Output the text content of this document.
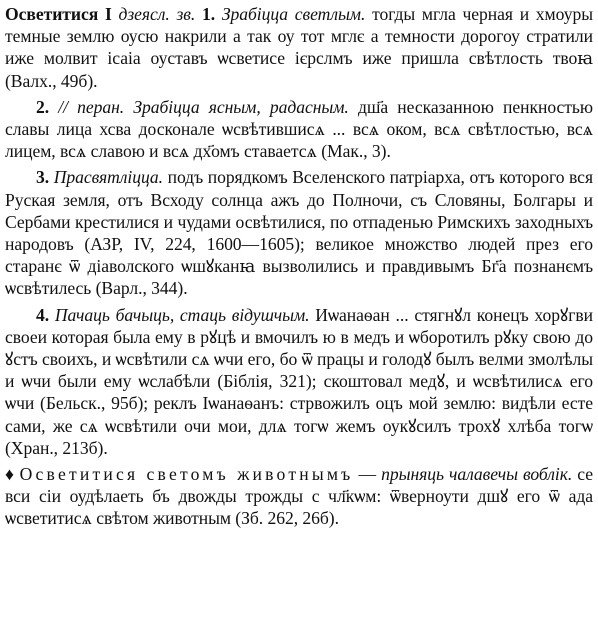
Осветитися I дзеясл. зв. 1. Зрабіцца светлым. тогды мгла черная и хмоуры темные землю оусю накрили а так оу тот мглє а темности дорогоу стратили иже молвит ісаіа оуставъ ѡсветисе ієрслмъ иже пришла свѣтлость твоꙗ (Валх., 49б).

2. // перан. Зрабіцца ясным, радасным. дш҃а несказанною пенкностью славы лица хсва досконале ѡсвѣтившисѧ ... всѧ оком, всѧ свѣтлостью, всѧ лицем, всѧ славою и всѧ дх҃омъ ставаетсѧ (Мак., 3).

3. Прасвятліцца. подъ порядкомъ Вселенского патріарха, отъ которого вся Руская земля, отъ Всходу солнца ажъ до Полночи, съ Словяны, Болгары и Сербами крестилися и чудами освѣтилися, по отпаденью Римскихъ заходныхъ народовъ (АЗР, IV, 224, 1600—1605); великое множство людей през его старанє ѿ діаволского ѡшꙋканꙗ вызволились и правдивымъ Бг҃а познанємъ ѡсвѣтилесь (Варл., 344).

4. Пачаць бачыць, стаць відушчым. Иѡанаѳан ... стягнꙋл конецъ хорꙋгви своеи которая была ему в рꙋцѣ и вмочилъ ю в медъ и ѡборотилъ рꙋку свою до ꙋстъ своихъ, и ѡсвѣтили сѧ ѡчи его, бо ѿ працы и голодꙋ былъ велми змолѣлы и ѡчи были ему ѡслабѣли (Біблія, 321); скоштовал медꙋ, и ѡсвѣтилисѧ его ѡчи (Бельск., 95б); реклъ Іѡанаѳанъ: стрвожилъ оцъ мой землю: видѣли есте сами, же сѧ ѡсвѣтили очи мои, длѧ тогѡ жемъ оукꙋсилъ трохꙋ хлѣба тогѡ (Хран., 213б).

♦ Осветитися светомъ животнымъ — прыняць чалавечы воблік. се вси сіи оудѣлаеть бъ двожды трожды с чл҃кѡм: ѿверноути дшꙋ его ѿ ада ѡсветитисѧ свѣтом животным (Зб. 262, 26б).
